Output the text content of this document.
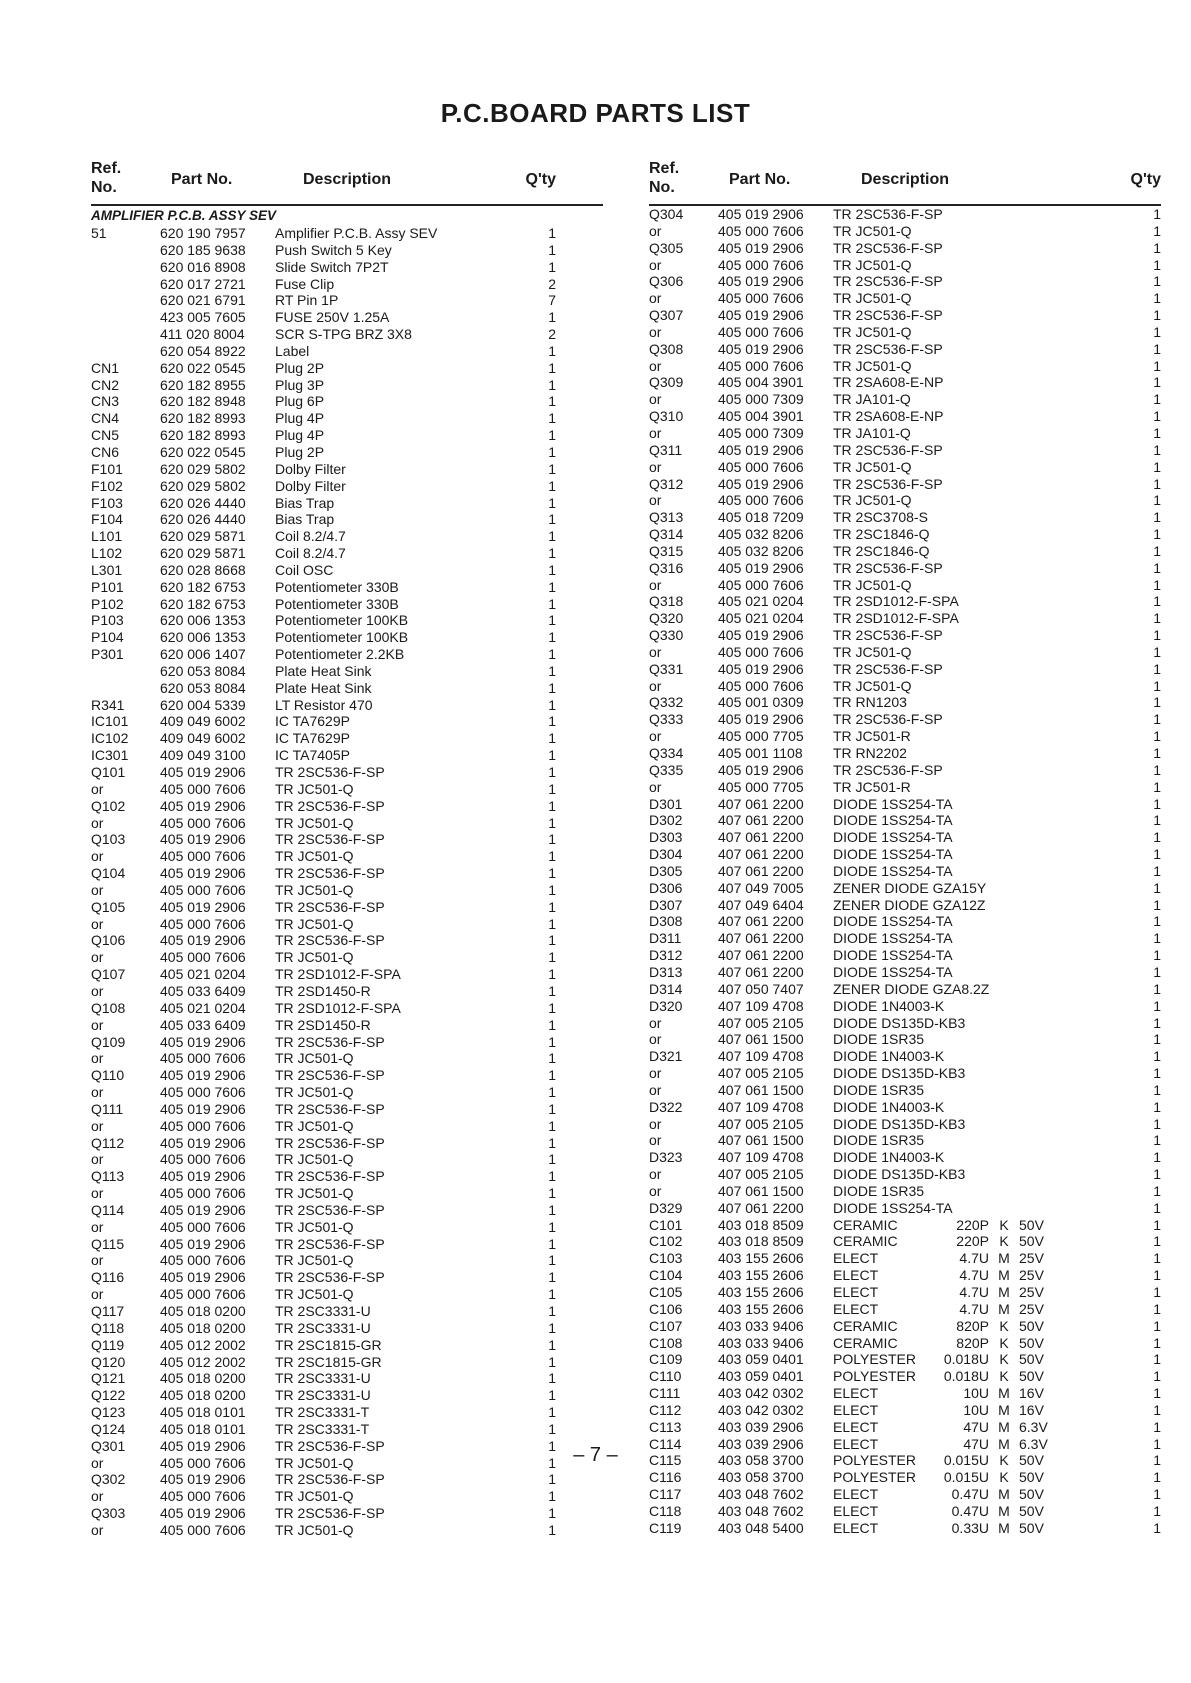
P.C.BOARD PARTS LIST
Ref. No.	Part No.	Description	Q'ty
AMPLIFIER P.C.B. ASSY SEV
51	620 190 7957 Amplifier P.C.B. Assy SEV	1
620 185 9638 Push Switch 5 Key	1
620 016 8908 Slide Switch 7P2T	1
620 017 2721 Fuse Clip	2
620 021 6791 RT Pin 1P	7
423 005 7605 FUSE 250V 1.25A	1
411 020 8004 SCR S-TPG BRZ 3X8	2
620 054 8922 Label	1
CN1	620 022 0545 Plug 2P	1
CN2	620 182 8955 Plug 3P	1
CN3	620 182 8948 Plug 6P	1
CN4	620 182 8993 Plug 4P	1
CN5	620 182 8993 Plug 4P	1
CN6	620 022 0545 Plug 2P	1
F101	620 029 5802 Dolby Filter	1
F102	620 029 5802 Dolby Filter	1
F103	620 026 4440 Bias Trap	1
F104	620 026 4440 Bias Trap	1
L101	620 029 5871 Coil 8.2/4.7	1
L102	620 029 5871 Coil 8.2/4.7	1
L301	620 028 8668 Coil OSC	1
P101	620 182 6753 Potentiometer 330B	1
P102	620 182 6753 Potentiometer 330B	1
P103	620 006 1353 Potentiometer 100KB	1
P104	620 006 1353 Potentiometer 100KB	1
P301	620 006 1407 Potentiometer 2.2KB	1
620 053 8084 Plate Heat Sink	1
620 053 8084 Plate Heat Sink	1
R341	620 004 5339 LT Resistor 470	1
IC101 409 049 6002 IC TA7629P	1
IC102 409 049 6002 IC TA7629P	1
IC301 409 049 3100 IC TA7405P	1
Q101 405 019 2906 TR 2SC536-F-SP	1
or	405 000 7606 TR JC501-Q	1
Q102 405 019 2906 TR 2SC536-F-SP	1
or	405 000 7606 TR JC501-Q	1
Q103 405 019 2906 TR 2SC536-F-SP	1
or	405 000 7606 TR JC501-Q	1
Q104 405 019 2906 TR 2SC536-F-SP	1
or	405 000 7606 TR JC501-Q	1
Q105 405 019 2906 TR 2SC536-F-SP	1
or	405 000 7606 TR JC501-Q	1
Q106 405 019 2906 TR 2SC536-F-SP	1
or	405 000 7606 TR JC501-Q	1
Q107 405 021 0204 TR 2SD1012-F-SPA	1
or	405 033 6409 TR 2SD1450-R	1
Q108 405 021 0204 TR 2SD1012-F-SPA	1
or	405 033 6409 TR 2SD1450-R	1
Q109 405 019 2906 TR 2SC536-F-SP	1
or	405 000 7606 TR JC501-Q	1
Q110	405 019 2906 TR 2SC536-F-SP	1
or	405 000 7606 TR JC501-Q	1
Q111	405 019 2906 TR 2SC536-F-SP	1
or	405 000 7606 TR JC501-Q	1
Q112	405 019 2906 TR 2SC536-F-SP	1
or	405 000 7606 TR JC501-Q	1
Q113	405 019 2906 TR 2SC536-F-SP	1
or	405 000 7606 TR JC501-Q	1
Q114	405 019 2906 TR 2SC536-F-SP	1
or	405 000 7606 TR JC501-Q	1
Q115	405 019 2906 TR 2SC536-F-SP	1
or	405 000 7606 TR JC501-Q	1
Q116	405 019 2906 TR 2SC536-F-SP	1
or	405 000 7606 TR JC501-Q	1
Q117	405 018 0200 TR 2SC3331-U	1
Q118	405 018 0200 TR 2SC3331-U	1
Q119	405 012 2002 TR 2SC1815-GR	1
Q120 405 012 2002 TR 2SC1815-GR	1
Q121 405 018 0200 TR 2SC3331-U	1
Q122 405 018 0200 TR 2SC3331-U	1
Q123 405 018 0101 TR 2SC3331-T	1
Q124 405 018 0101 TR 2SC3331-T	1
Q301 405 019 2906 TR 2SC536-F-SP	1
or	405 000 7606 TR JC501-Q	1
Q302 405 019 2906 TR 2SC536-F-SP	1
or	405 000 7606 TR JC501-Q	1
Q303 405 019 2906 TR 2SC536-F-SP	1
or	405 000 7606 TR JC501-Q	1
Ref. No.	Part No.	Description	Q'ty
Q304 405 019 2906 TR 2SC536-F-SP	1
or	405 000 7606 TR JC501-Q	1
Q305 405 019 2906 TR 2SC536-F-SP	1
or	405 000 7606 TR JC501-Q	1
Q306 405 019 2906 TR 2SC536-F-SP	1
or	405 000 7606 TR JC501-Q	1
Q307 405 019 2906 TR 2SC536-F-SP	1
or	405 000 7606 TR JC501-Q	1
Q308 405 019 2906 TR 2SC536-F-SP	1
or	405 000 7606 TR JC501-Q	1
Q309 405 004 3901 TR 2SA608-E-NP	1
or	405 000 7309 TR JA101-Q	1
Q310 405 004 3901 TR 2SA608-E-NP	1
or	405 000 7309 TR JA101-Q	1
Q311	405 019 2906 TR 2SC536-F-SP	1
or	405 000 7606 TR JC501-Q	1
Q312 405 019 2906 TR 2SC536-F-SP	1
or	405 000 7606 TR JC501-Q	1
Q313 405 018 7209 TR 2SC3708-S	1
Q314 405 032 8206 TR 2SC1846-Q	1
Q315 405 032 8206 TR 2SC1846-Q	1
Q316 405 019 2906 TR 2SC536-F-SP	1
or	405 000 7606 TR JC501-Q	1
Q318 405 021 0204 TR 2SD1012-F-SPA	1
Q320 405 021 0204 TR 2SD1012-F-SPA	1
Q330 405 019 2906 TR 2SC536-F-SP	1
or	405 000 7606 TR JC501-Q	1
Q331 405 019 2906 TR 2SC536-F-SP	1
or	405 000 7606 TR JC501-Q	1
Q332 405 001 0309 TR RN1203	1
Q333 405 019 2906 TR 2SC536-F-SP	1
or	405 000 7705 TR JC501-R	1
Q334 405 001 1108 TR RN2202	1
Q335 405 019 2906 TR 2SC536-F-SP	1
or	405 000 7705 TR JC501-R	1
D301	407 061 2200 DIODE 1SS254-TA	1
D302	407 061 2200 DIODE 1SS254-TA	1
D303	407 061 2200 DIODE 1SS254-TA	1
D304	407 061 2200 DIODE 1SS254-TA	1
D305	407 061 2200 DIODE 1SS254-TA	1
D306	407 049 7005 ZENER DIODE GZA15Y	1
D307	407 049 6404 ZENER DIODE GZA12Z	1
D308	407 061 2200 DIODE 1SS254-TA	1
D311	407 061 2200 DIODE 1SS254-TA	1
D312	407 061 2200 DIODE 1SS254-TA	1
D313	407 061 2200 DIODE 1SS254-TA	1
D314	407 050 7407 ZENER DIODE GZA8.2Z	1
D320	407 109 4708 DIODE 1N4003-K	1
or	407 005 2105 DIODE DS135D-KB3	1
or	407 061 1500 DIODE 1SR35	1
D321	407 109 4708 DIODE 1N4003-K	1
or	407 005 2105 DIODE DS135D-KB3	1
or	407 061 1500 DIODE 1SR35	1
D322	407 109 4708 DIODE 1N4003-K	1
or	407 005 2105 DIODE DS135D-KB3	1
or	407 061 1500 DIODE 1SR35	1
D323	407 109 4708 DIODE 1N4003-K	1
or	407 005 2105 DIODE DS135D-KB3	1
or	407 061 1500 DIODE 1SR35	1
D329	407 061 2200 DIODE 1SS254-TA	1
C101	403 018 8509 CERAMIC	220P K 50V	1
C102	403 018 8509 CERAMIC	220P K 50V	1
C103	403 155 2606 ELECT	4.7U M 25V	1
C104	403 155 2606 ELECT	4.7U M 25V	1
C105	403 155 2606 ELECT	4.7U M 25V	1
C106	403 155 2606 ELECT	4.7U M 25V	1
C107	403 033 9406 CERAMIC	820P K 50V	1
C108	403 033 9406 CERAMIC	820P K 50V	1
C109	403 059 0401 POLYESTER	0.018U K 50V	1
C110	403 059 0401 POLYESTER	0.018U K 50V	1
C111	403 042 0302 ELECT	10U M 16V	1
C112	403 042 0302 ELECT	10U M 16V	1
C113	403 039 2906 ELECT	47U M 6.3V	1
C114	403 039 2906 ELECT	47U M 6.3V	1
C115	403 058 3700 POLYESTER	0.015U K 50V	1
C116	403 058 3700 POLYESTER	0.015U K 50V	1
C117	403 048 7602 ELECT	0.47U M 50V	1
C118	403 048 7602 ELECT	0.47U M 50V	1
C119	403 048 5400 ELECT	0.33U M 50V	1
– 7 –
